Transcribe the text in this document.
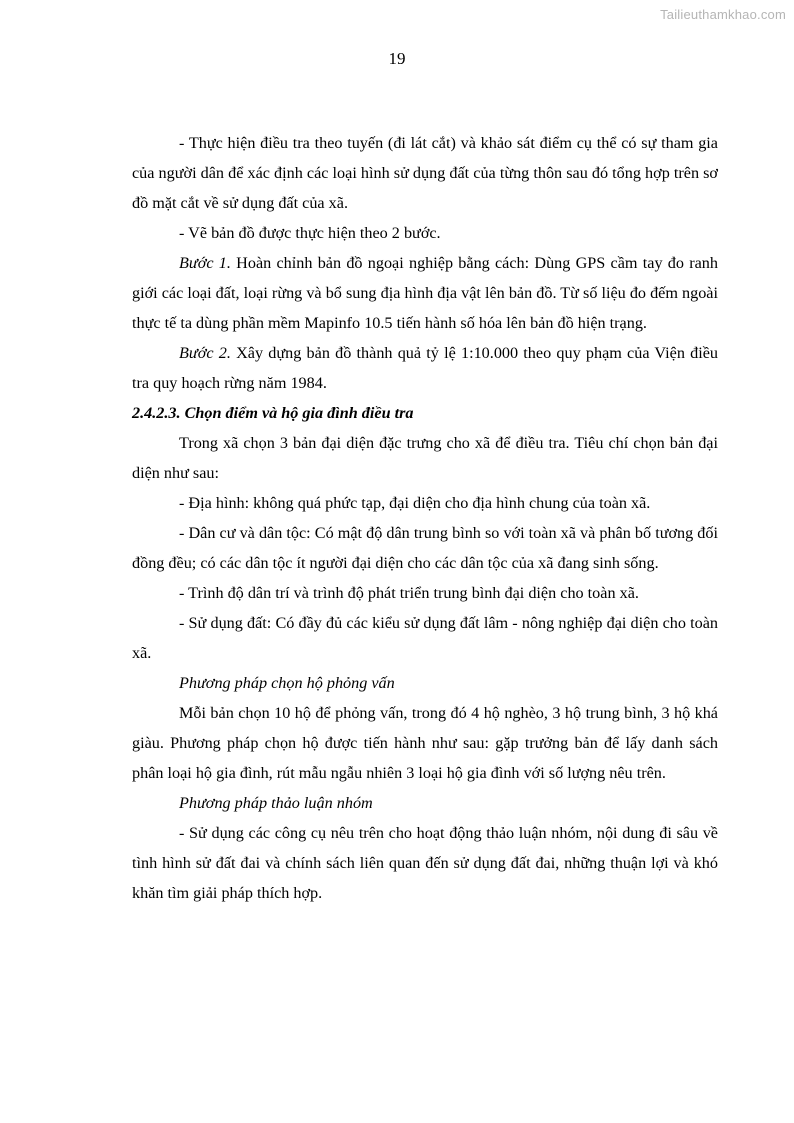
Tailieuthamkhao.com
19

- Thực hiện điều tra theo tuyến (đi lát cắt) và khảo sát điểm cụ thể có sự tham gia của người dân để xác định các loại hình sử dụng đất của từng thôn sau đó tổng hợp trên sơ đồ mặt cắt về sử dụng đất của xã.

- Vẽ bản đồ được thực hiện theo 2 bước.

Bước 1. Hoàn chỉnh bản đồ ngoại nghiệp bằng cách: Dùng GPS cầm tay đo ranh giới các loại đất, loại rừng và bổ sung địa hình địa vật lên bản đồ. Từ số liệu đo đếm ngoài thực tế ta dùng phần mềm Mapinfo 10.5 tiến hành số hóa lên bản đồ hiện trạng.

Bước 2. Xây dựng bản đồ thành quả tỷ lệ 1:10.000 theo quy phạm của Viện điều tra quy hoạch rừng năm 1984.

2.4.2.3. Chọn điểm và hộ gia đình điều tra

Trong xã chọn 3 bản đại diện đặc trưng cho xã để điều tra. Tiêu chí chọn bản đại diện như sau:

- Địa hình: không quá phức tạp, đại diện cho địa hình chung của toàn xã.

- Dân cư và dân tộc: Có mật độ dân trung bình so với toàn xã và phân bố tương đối đồng đều; có các dân tộc ít người đại diện cho các dân tộc của xã đang sinh sống.

- Trình độ dân trí và trình độ phát triển trung bình đại diện cho toàn xã.

- Sử dụng đất: Có đầy đủ các kiểu sử dụng đất lâm - nông nghiệp đại diện cho toàn xã.

Phương pháp chọn hộ phỏng vấn

Mỗi bản chọn 10 hộ để phỏng vấn, trong đó 4 hộ nghèo, 3 hộ trung bình, 3 hộ khá giàu. Phương pháp chọn hộ được tiến hành như sau: gặp trưởng bản để lấy danh sách phân loại hộ gia đình, rút mẫu ngẫu nhiên 3 loại hộ gia đình với số lượng nêu trên.

Phương pháp thảo luận nhóm

- Sử dụng các công cụ nêu trên cho hoạt động thảo luận nhóm, nội dung đi sâu về tình hình sử đất đai và chính sách liên quan đến sử dụng đất đai, những thuận lợi và khó khăn tìm giải pháp thích hợp.
